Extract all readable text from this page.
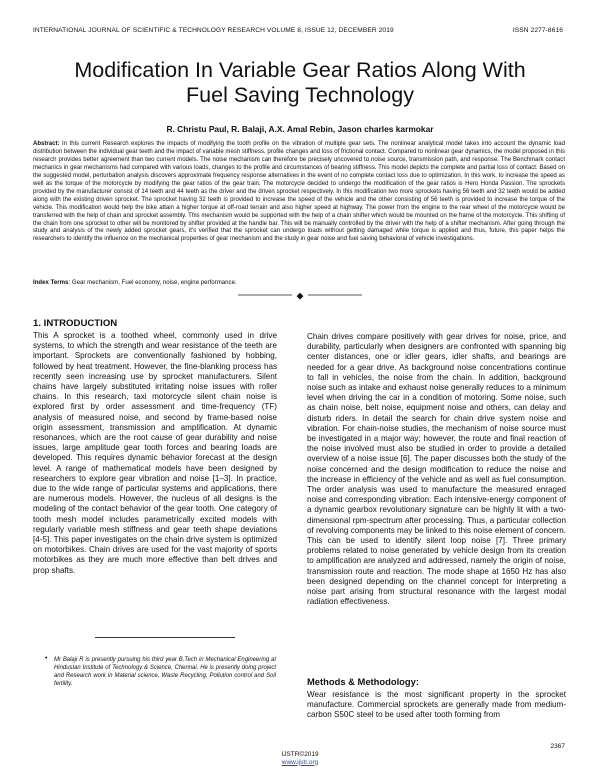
INTERNATIONAL JOURNAL OF SCIENTIFIC & TECHNOLOGY RESEARCH VOLUME 8, ISSUE 12, DECEMBER 2019	ISSN 2277-8616
Modification In Variable Gear Ratios Along With
Fuel Saving Technology
R. Christu Paul, R. Balaji, A.X. Amal Rebin, Jason charles karmokar

Abstract: In this current Research explores the impacts of modifying the tooth profile on the vibration of multiple gear sets. The nonlinear analytical model takes into account the dynamic load distribution between the individual gear teeth and the impact of variable mesh stiffness, profile changes and loss of frictional contact. Compared to nonlinear gear dynamics, the model proposed in this research provides better agreement than two current models. The noise mechanism can therefore be precisely uncovered to noise source, transmission path, and response. The Benchmark contact mechanics in gear mechanisms had compared with various loads, changes to the profile and circumstances of bearing stiffness. This model depicts the complete and partial loss of contact. Based on the suggested model, perturbation analysis discovers approximate frequency response alternatives in the event of no complete contact loss due to optimization. In this work, to increase the speed as well as the torque of the motorcycle by modifying the gear ratios of the gear train. The motorcycle decided to undergo the modification of the gear ratios is Hero Honda Passion. The sprockets provided by the manufacturer consist of 14 teeth and 44 teeth as the driver and the driven sprocket respectively. In this modification two more sprockets having 56 teeth and 32 teeth would be added along with the existing driven sprocket. The sprocket having 32 teeth is provided to increase the speed of the vehicle and the other consisting of 56 teeth is provided to increase the torque of the vehicle. This modification would help the bike attain a higher torque at off-road terrain and also higher speed at highway. The power from the engine to the rear wheel of the motorcycle would be transferred with the help of chain and sprocket assembly. This mechanism would be supported with the help of a chain shifter which would be mounted on the frame of the motorcycle. This shifting of the chain from one sprocket to other will be monitored by shifter provided at the handle bar. This will be manually controlled by the driver with the help of a shifter mechanism. After going through the study and analysis of the newly added sprocket gears, it's verified that the sprocket can undergo loads without getting damaged while torque is applied and thus, future, this paper helps the researchers to identify the influence on the mechanical properties of gear mechanism and the study in gear noise and fuel saving behavioral of vehicle investigations.

Index Terms: Gear mechanism, Fuel economy, noise, engine performance.

◆
1. INTRODUCTION

This A sprocket is a toothed wheel, commonly used in drive systems, to which the strength and wear resistance of the teeth are important. Sprockets are conventionally fashioned by hobbing, followed by heat treatment. However, the fine-blanking process has recently seen increasing use by sprocket manufacturers. Silent chains have largely substituted irritating noise issues with roller chains. In this research, taxi motorcycle silent chain noise is explored first by order assessment and time-frequency (TF) analysis of measured noise, and second by frame-based noise origin assessment, transmission and amplification. At dynamic resonances, which are the root cause of gear durability and noise issues, large amplitude gear tooth forces and bearing loads are developed. This requires dynamic behavior forecast at the design level. A range of mathematical models have been designed by researchers to explore gear vibration and noise [1–3]. In practice, due to the wide range of particular systems and applications, there are numerous models. However, the nucleus of all designs is the modeling of the contact behavior of the gear tooth. One category of tooth mesh model includes parametrically excited models with regularly variable mesh stiffness and gear teeth shape deviations [4-5]. This paper investigates on the chain drive system is optimized on motorbikes. Chain drives are used for the vast majority of sports motorbikes as they are much more effective than belt drives and prop shafts.

Chain drives compare positively with gear drives for noise, price, and durability, particularly when designers are confronted with spanning big center distances, one or idler gears, idler shafts, and bearings are needed for a gear drive. As background noise concentrations continue to fall in vehicles, the noise from the chain. In addition, background noise such as intake and exhaust noise generally reduces to a minimum level when driving the car in a condition of motoring. Some noise, such as chain noise, belt noise, equipment noise and others, can delay and disturb riders. In detail the search for chain drive system noise and vibration. For chain-noise studies, the mechanism of noise source must be investigated in a major way; however, the route and final reaction of the noise involved must also be studied in order to provide a detailed overview of a noise issue [6]. The paper discusses both the study of the noise concerned and the design modification to reduce the noise and the increase in efficiency of the vehicle and as well as fuel consumption. The order analysis was used to manufacture the measured enraged noise and corresponding vibration. Each intensive-energy component of a dynamic gearbox revolutionary signature can be highly lit with a two-dimensional rpm-spectrum after processing. Thus, a particular collection of revolving components may be linked to this noise element of concern. This can be used to identify silent loop noise [7]. Three primary problems related to noise generated by vehicle design from its creation to amplification are analyzed and addressed, namely the origin of noise, transmission route and reaction. The mode shape at 1650 Hz has also been designed depending on the channel concept for interpreting a noise part arising from structural resonance with the largest modal radiation effectiveness.

Methods & Methodology:

Wear resistance is the most significant property in the sprocket manufacture. Commercial sprockets are generally made from medium-carbon S50C steel to be used after tooth forming from

• Mr Balaji R is presently pursuing his third year B.Tech in Mechanical Engineering at Hindustan Institute of Technology & Science, Chennai. He is presently doing project and Research work in Material science, Waste Recycling, Pollution control and Soil fertility.

2367
IJSTR©2019
www.ijstr.org
